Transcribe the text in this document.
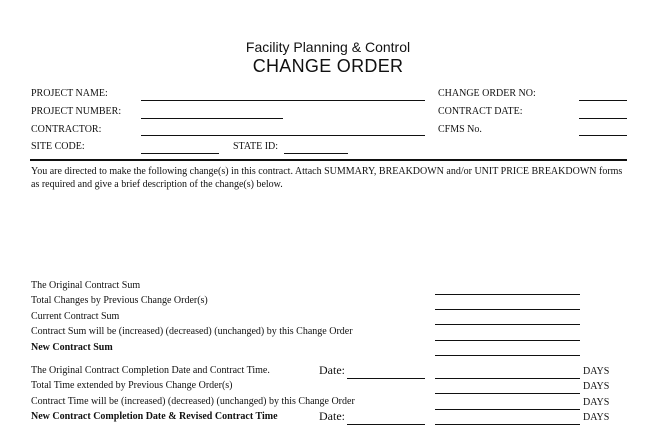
Facility Planning & Control
CHANGE ORDER
PROJECT NAME:
PROJECT NUMBER:
CONTRACTOR:
SITE CODE:	STATE ID:
CHANGE ORDER NO:
CONTRACT DATE:
CFMS No.
You are directed to make the following change(s) in this contract. Attach SUMMARY, BREAKDOWN and/or UNIT PRICE BREAKDOWN forms as required and give a brief description of the change(s) below.
The Original Contract Sum
Total Changes by Previous Change Order(s)
Current Contract Sum
Contract Sum will be (increased) (decreased) (unchanged) by this Change Order
New Contract Sum
The Original Contract Completion Date and Contract Time.	Date:	DAYS
Total Time extended by Previous Change Order(s)	DAYS
Contract Time will be (increased) (decreased) (unchanged) by this Change Order	DAYS
New Contract Completion Date & Revised Contract Time	Date:	DAYS
